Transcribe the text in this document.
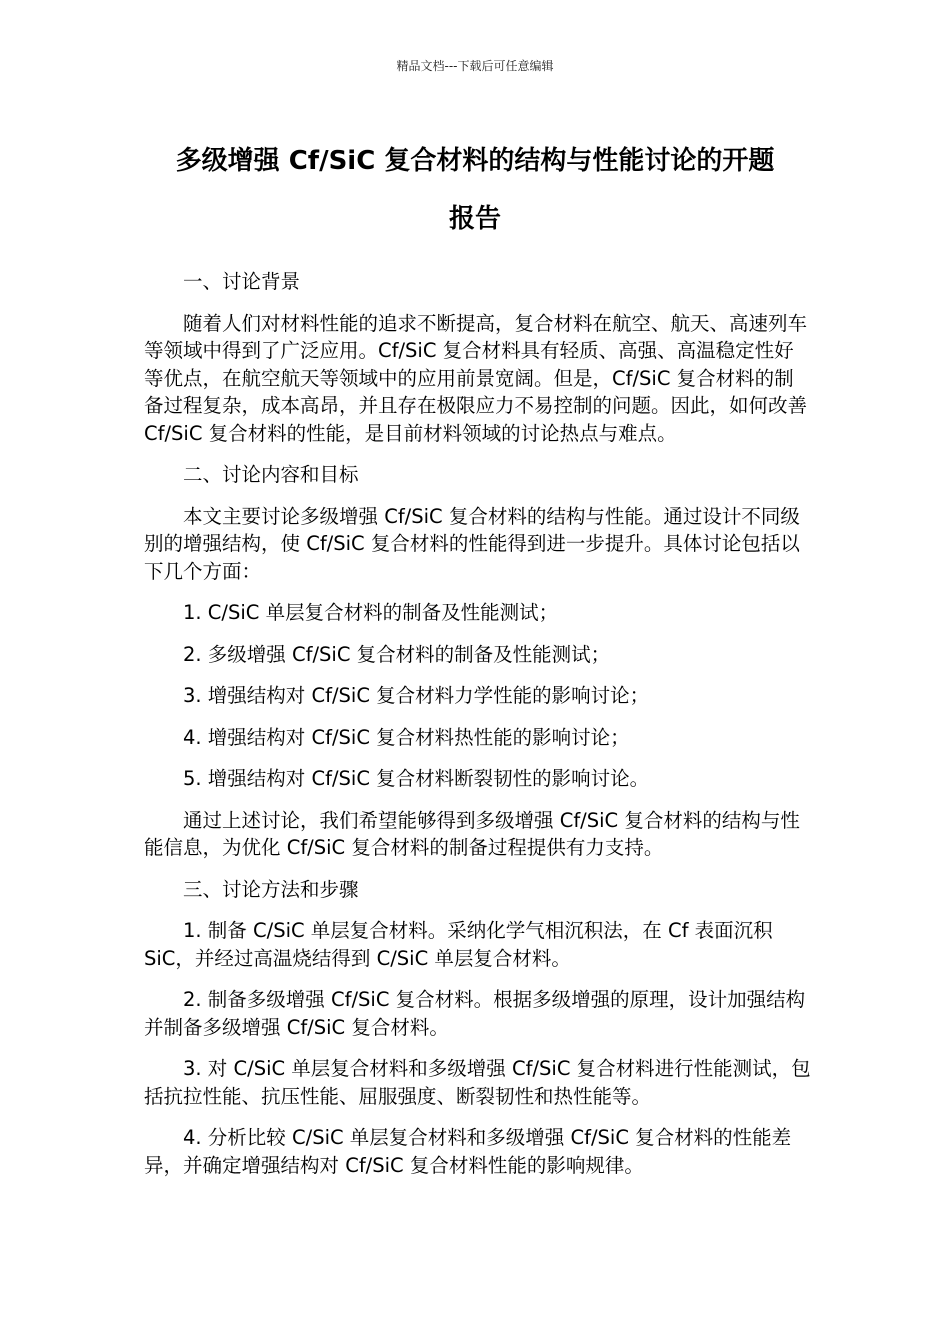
精品文档---下载后可任意编辑
多级增强 Cf/SiC 复合材料的结构与性能讨论的开题
报告

一、讨论背景

随着人们对材料性能的追求不断提高，复合材料在航空、航天、高速列车等领域中得到了广泛应用。Cf/SiC 复合材料具有轻质、高强、高温稳定性好等优点，在航空航天等领域中的应用前景宽阔。但是，Cf/SiC 复合材料的制备过程复杂，成本高昂，并且存在极限应力不易控制的问题。因此，如何改善 Cf/SiC 复合材料的性能，是目前材料领域的讨论热点与难点。

二、讨论内容和目标

本文主要讨论多级增强 Cf/SiC 复合材料的结构与性能。通过设计不同级别的增强结构，使 Cf/SiC 复合材料的性能得到进一步提升。具体讨论包括以下几个方面：

1. C/SiC 单层复合材料的制备及性能测试；

2. 多级增强 Cf/SiC 复合材料的制备及性能测试；

3. 增强结构对 Cf/SiC 复合材料力学性能的影响讨论；

4. 增强结构对 Cf/SiC 复合材料热性能的影响讨论；

5. 增强结构对 Cf/SiC 复合材料断裂韧性的影响讨论。

通过上述讨论，我们希望能够得到多级增强 Cf/SiC 复合材料的结构与性能信息，为优化 Cf/SiC 复合材料的制备过程提供有力支持。

三、讨论方法和步骤

1. 制备 C/SiC 单层复合材料。采纳化学气相沉积法，在 Cf 表面沉积 SiC，并经过高温烧结得到 C/SiC 单层复合材料。

2. 制备多级增强 Cf/SiC 复合材料。根据多级增强的原理，设计加强结构并制备多级增强 Cf/SiC 复合材料。

3. 对 C/SiC 单层复合材料和多级增强 Cf/SiC 复合材料进行性能测试，包括抗拉性能、抗压性能、屈服强度、断裂韧性和热性能等。

4. 分析比较 C/SiC 单层复合材料和多级增强 Cf/SiC 复合材料的性能差异，并确定增强结构对 Cf/SiC 复合材料性能的影响规律。
